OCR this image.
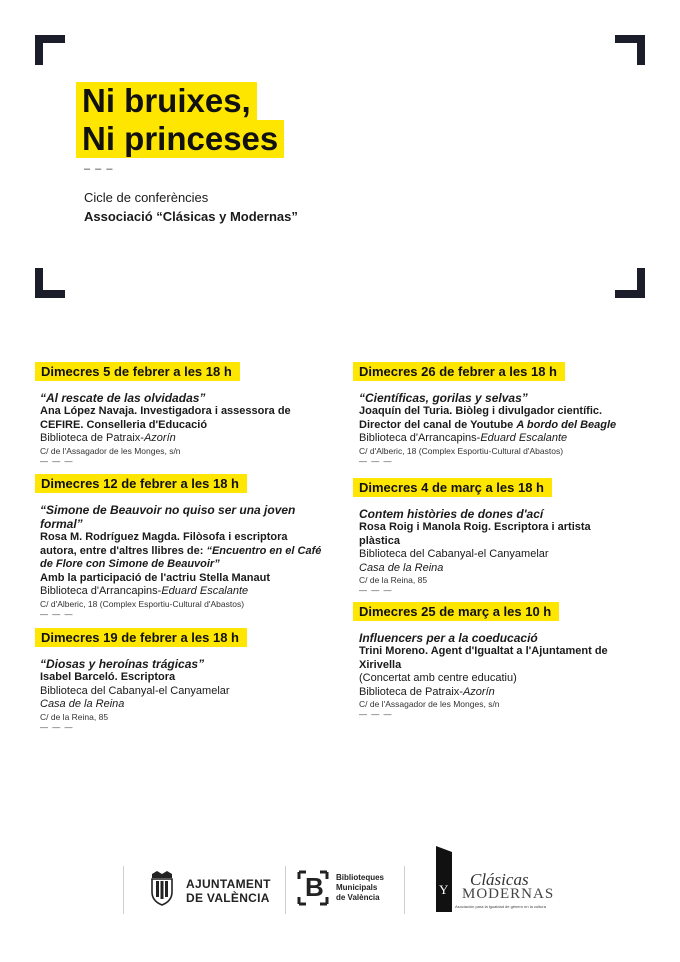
Ni bruixes,
Ni princeses
– – –
Cicle de conferències
Associació “Clásicas y Modernas”
Dimecres 5 de febrer a les 18 h
“Al rescate de las olvidadas”
Ana López Navaja. Investigadora i assessora de CEFIRE. Conselleria d'Educació
Biblioteca de Patraix-Azorín
C/ de l'Assagador de les Monges, s/n
— — —
Dimecres 12 de febrer a les 18 h
“Simone de Beauvoir no quiso ser una joven formal”
Rosa M. Rodríguez Magda. Filòsofa i escriptora autora, entre d'altres llibres de: “Encuentro en el Café de Flore con Simone de Beauvoir”
Amb la participació de l'actriu Stella Manaut
Biblioteca d'Arrancapins-Eduard Escalante
C/ d'Alberic, 18 (Complex Esportiu-Cultural d'Abastos)
— — —
Dimecres 19 de febrer a les 18 h
“Diosas y heroínas trágicas”
Isabel Barceló. Escriptora
Biblioteca del Cabanyal-el Canyamelar
Casa de la Reina
C/ de la Reina, 85
— — —
Dimecres 26 de febrer a les 18 h
“Científicas, gorilas y selvas”
Joaquín del Turia. Biòleg i divulgador científic. Director del canal de Youtube A bordo del Beagle
Biblioteca d'Arrancapins-Eduard Escalante
C/ d'Alberic, 18 (Complex Esportiu-Cultural d'Abastos)
— — —
Dimecres 4 de març a les 18 h
Contem històries de dones d'ací
Rosa Roig i Manola Roig. Escriptora i artista plàstica
Biblioteca del Cabanyal-el Canyamelar
Casa de la Reina
C/ de la Reina, 85
— — —
Dimecres 25 de març a les 10 h
Influencers per a la coeducació
Trini Moreno. Agent d'Igualtat a l'Ajuntament de Xirivella
(Concertat amb centre educatiu)
Biblioteca de Patraix-Azorín
C/ de l'Assagador de les Monges, s/n
— — —
AJUNTAMENT
DE VALÈNCIA B Biblioteques
Municipals
de València
Y
Clásicas
MODERNAS
Asociación para la igualdad de género en la cultura
